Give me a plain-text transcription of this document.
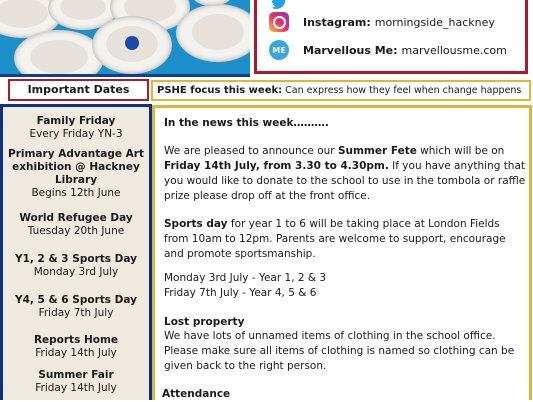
Instagram: morningside_hackney
ME Marvellous Me: marvellousme.com
Important Dates
Family Friday
Every Friday YN-3
Primary Advantage Art exhibition @ Hackney Library
Begins 12th June
World Refugee Day
Tuesday 20th June
Y1, 2 & 3 Sports Day
Monday 3rd July
Y4, 5 & 6 Sports Day
Friday 7th July
Reports Home
Friday 14th July
Summer Fair
Friday 14th July
PSHE focus this week: Can express how they feel when change happens
In the news this week……….
We are pleased to announce our Summer Fete which will be on Friday 14th July, from 3.30 to 4.30pm. If you have anything that you would like to donate to the school to use in the tombola or raffle prize please drop off at the front office.
Sports day for year 1 to 6 will be taking place at London Fields from 10am to 12pm. Parents are welcome to support, encourage and promote sportsmanship.
Monday 3rd July - Year 1, 2 & 3
Friday 7th July - Year 4, 5 & 6
Lost property
We have lots of unnamed items of clothing in the school office. Please make sure all items of clothing is named so clothing can be given back to the right person.
Attendance
